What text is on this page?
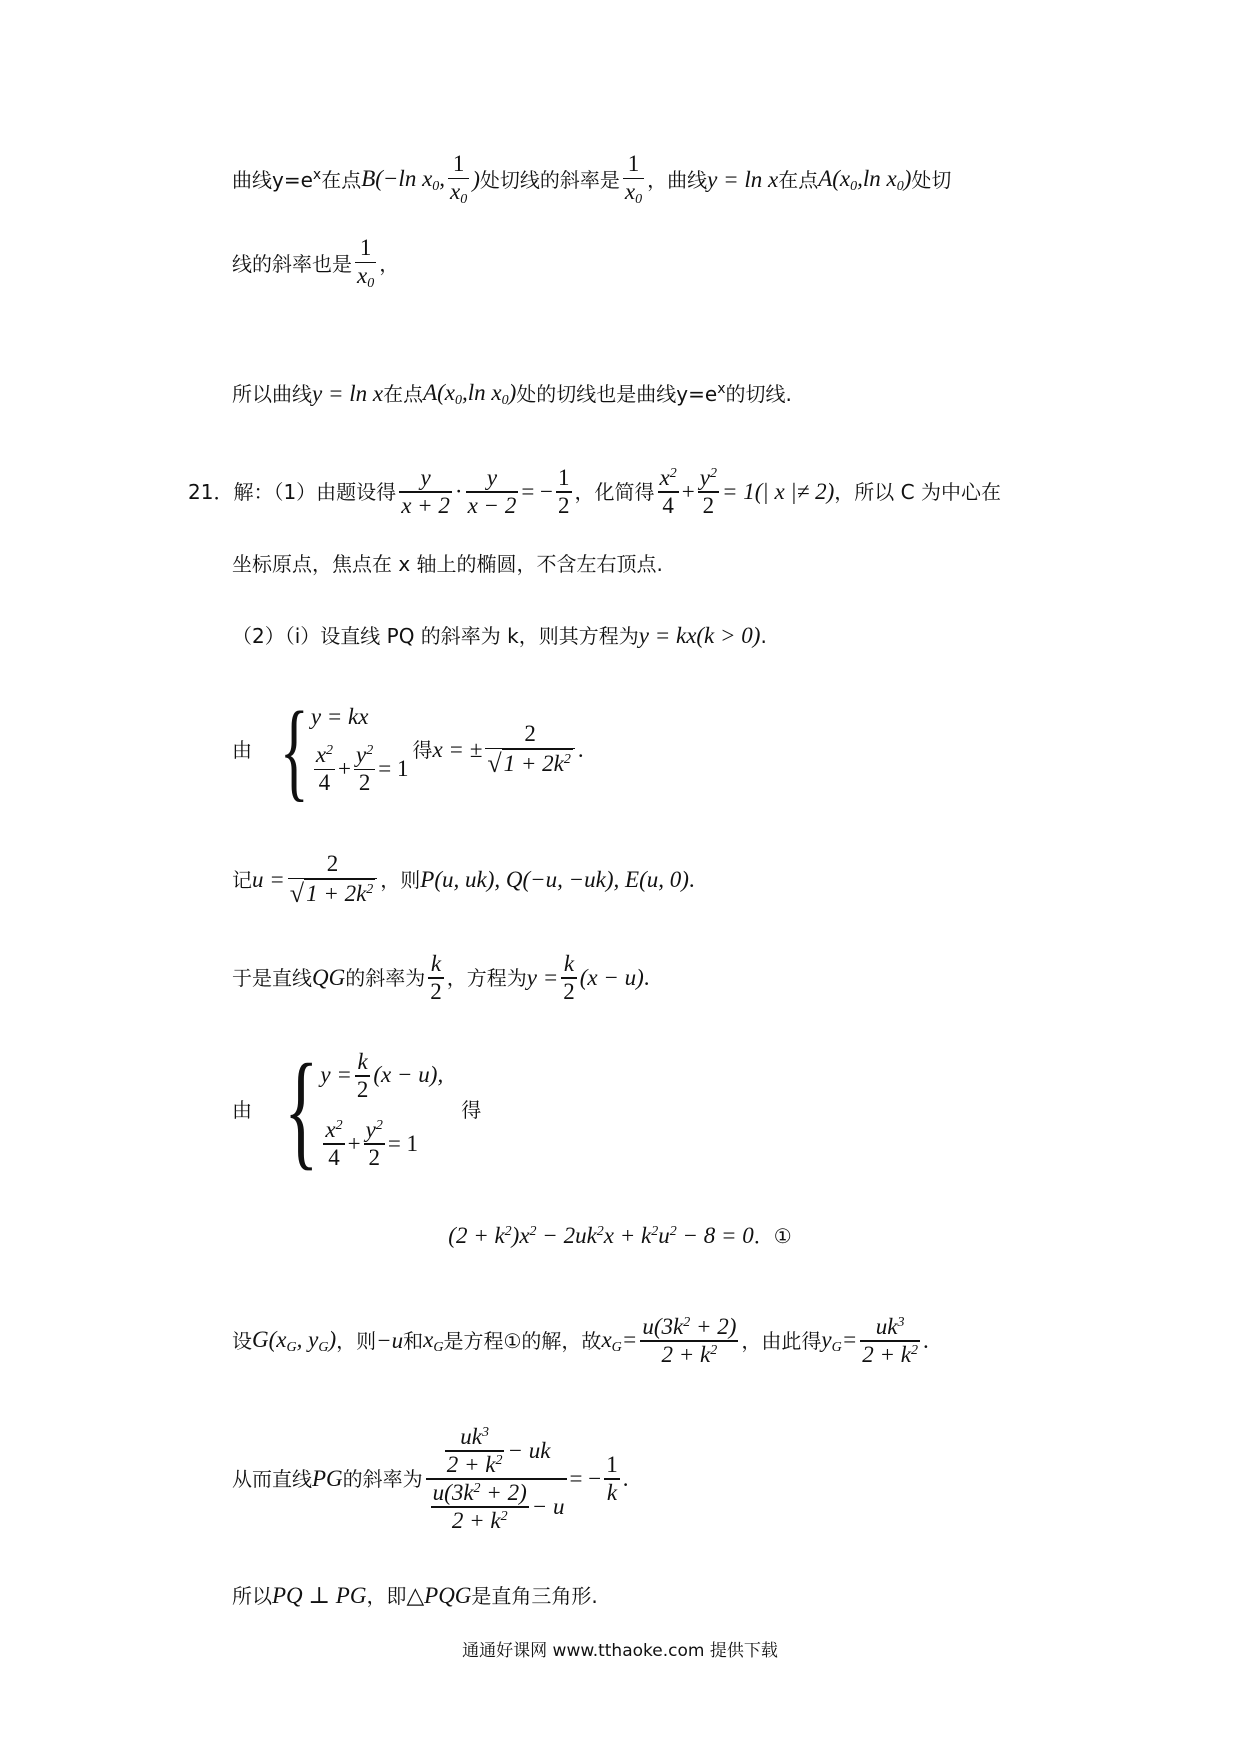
曲线 $y=e^x$ 在点 B(−ln $x_0$, $\frac{1}{x_0}$ ) 处切线的斜率是 $\frac{1}{x_0}$ ，曲线 y = ln x 在点 $A(x_0,\ln$ $x_0$) 处切
线的斜率也是 $\frac{1}{x_0}$ ，
所以曲线 y = ln x 在点 $A(x_0,\ln$ $x_0$) 处的切线也是曲线 $y=e^x$ 的切线.
21．解：（1）由题设得 $\frac{y}{x + 2} \cdot \frac{y}{x - 2}$ = − $\frac{1}{2}$ ，化简得 $\frac{x^2}{4} + \frac{y^2}{2} = 1(|$ x |≠ 2) ，所以 C 为中心在
坐标原点，焦点在 x 轴上的椭圆，不含左右顶点.
（2）（i）设直线 PQ 的斜率为 k，则其方程为 y = kx(k > 0) .
由 { y = kx
$\frac{x^2}{4} + \frac{y^2}{2} = 1$
得 x = ± $\frac{2}{√ 1 + 2k^2}$ .
记 $u = \frac{2}{√ 1 + 2k^2}$ ，则 P(u, uk), Q(−u, −uk), E(u, 0) .
于是直线 QG 的斜率为 $\frac{k}{2}$ ，方程为 $y = \frac{k}{2} (x - u)$ .
由 { $y = \frac{k}{2} (x - u)$,
$\frac{x^2}{4} + \frac{y^2}{2} = 1$
得
$(2 + k^2)x^2 - 2uk^2x + k^2u^2 - 8 = 0$ ．①
设 $G(x_G$, $y_G$) ，则 −u 和 $x_G$ 是方程①的解，故 $x_G= \frac{u(3k^2 + 2)}{2 + k^2}$ ，由此得 $y_G= \frac{uk^3}{2 + k^2}$ .
从而直线 PG 的斜率为 $\frac{\frac{uk^3}{2 + k^2} - uk}{\frac{u(3k^2 + 2)}{2 + k^2} - u}$ = − $\frac{1}{k}$ .
所以 PQ ⊥ PG ，即 △PQG 是直角三角形.
通通好课网 www.tthaoke.com 提供下载
